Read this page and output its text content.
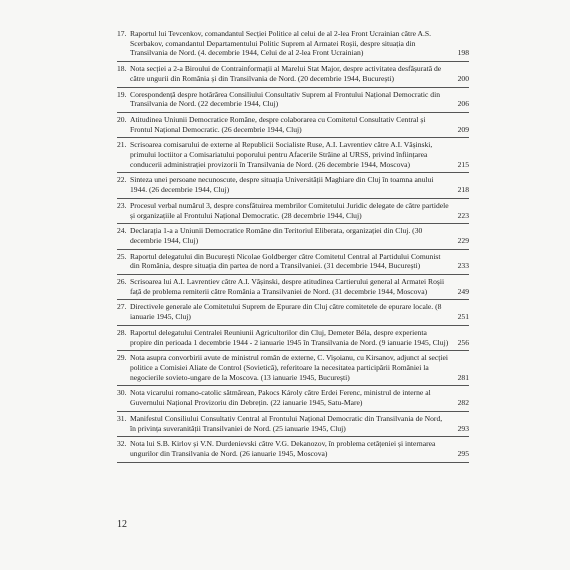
17. Raportul lui Tevcenkov, comandantul Secției Politice al celui de al 2-lea Front Ucrainian către A.S. Scerbakov, comandantul Departamentului Politic Suprem al Armatei Roșii, despre situația din Transilvania de Nord. (4. decembrie 1944, Celui de al 2-lea Front Ucrainian)	198
18. Nota secției a 2-a Biroului de Contrainformații al Marelui Stat Major, despre activitatea desfășurată de către ungurii din România și din Transilvania de Nord. (20 decembrie 1944, București)	200
19. Corespondență despre hotărârea Consiliului Consultativ Suprem al Frontului Național Democratic din Transilvania de Nord. (22 decembrie 1944, Cluj)	206
20. Atitudinea Uniunii Democratice Române, despre colaborarea cu Comitetul Consultativ Central și Frontul Național Democratic. (26 decembrie 1944, Cluj)	209
21. Scrisoarea comisarului de externe al Republicii Socialiste Ruse, A.I. Lavrentiev către A.I. Vâșinski, primului loctiitor a Comisariatului poporului pentru Afacerile Străine al URSS, privind înființarea conducerii administrației provizorii în Transilvania de Nord. (26 decembrie 1944, Moscova)	215
22. Sinteza unei persoane necunoscute, despre situația Universității Maghiare din Cluj în toamna anului 1944. (26 decembrie 1944, Cluj)	218
23. Procesul verbal numărul 3, despre consfătuirea membrilor Comitetului Juridic delegate de către partidele și organizațiile al Frontului Național Democratic. (28 decembrie 1944, Cluj)	223
24. Declarația 1-a a Uniunii Democratice Române din Teritoriul Eliberata, organizației din Cluj. (30 decembrie 1944, Cluj)	229
25. Raportul delegatului din București Nicolae Goldberger către Comitetul Central al Partidului Comunist din România, despre situația din partea de nord a Transilvaniei. (31 decembrie 1944, București)	233
26. Scrisoarea lui A.I. Lavrentiev către A.I. Vâșinski, despre atitudinea Cartierului general al Armatei Roșii față de problema remiterii către România a Transilvaniei de Nord. (31 decembrie 1944, Moscova)	249
27. Directivele generale ale Comitetului Suprem de Epurare din Cluj către comitetele de epurare locale. (8 ianuarie 1945, Cluj)	251
28. Raportul delegatului Centralei Reuniunii Agricultorilor din Cluj, Demeter Béla, despre experienta propire din perioada 1 decembrie 1944 - 2 ianuarie 1945 în Transilvania de Nord. (9 ianuarie 1945, Cluj)	256
29. Nota asupra convorbirii avute de ministrul român de externe, C. Vișoianu, cu Kirsanov, adjunct al secției politice a Comisiei Aliate de Control (Sovietică), referitoare la necesitatea participării României la negocierile sovieto-ungare de la Moscova. (13 ianuarie 1945, București)	281
30. Nota vicarului romano-catolic sătmărean, Pakocs Károly către Erdei Ferenc, ministrul de interne al Guvernului Național Provizoriu din Debrețin. (22 ianuarie 1945, Satu-Mare)	282
31. Manifestul Consiliului Consultativ Central al Frontului Național Democratic din Transilvania de Nord, în privința suveranității Transilvaniei de Nord. (25 ianuarie 1945, Cluj)	293
32. Nota lui S.B. Kirlov și V.N. Durdenievski către V.G. Dekanozov, în problema cetățeniei și internarea ungurilor din Transilvania de Nord. (26 ianuarie 1945, Moscova)	295
12
